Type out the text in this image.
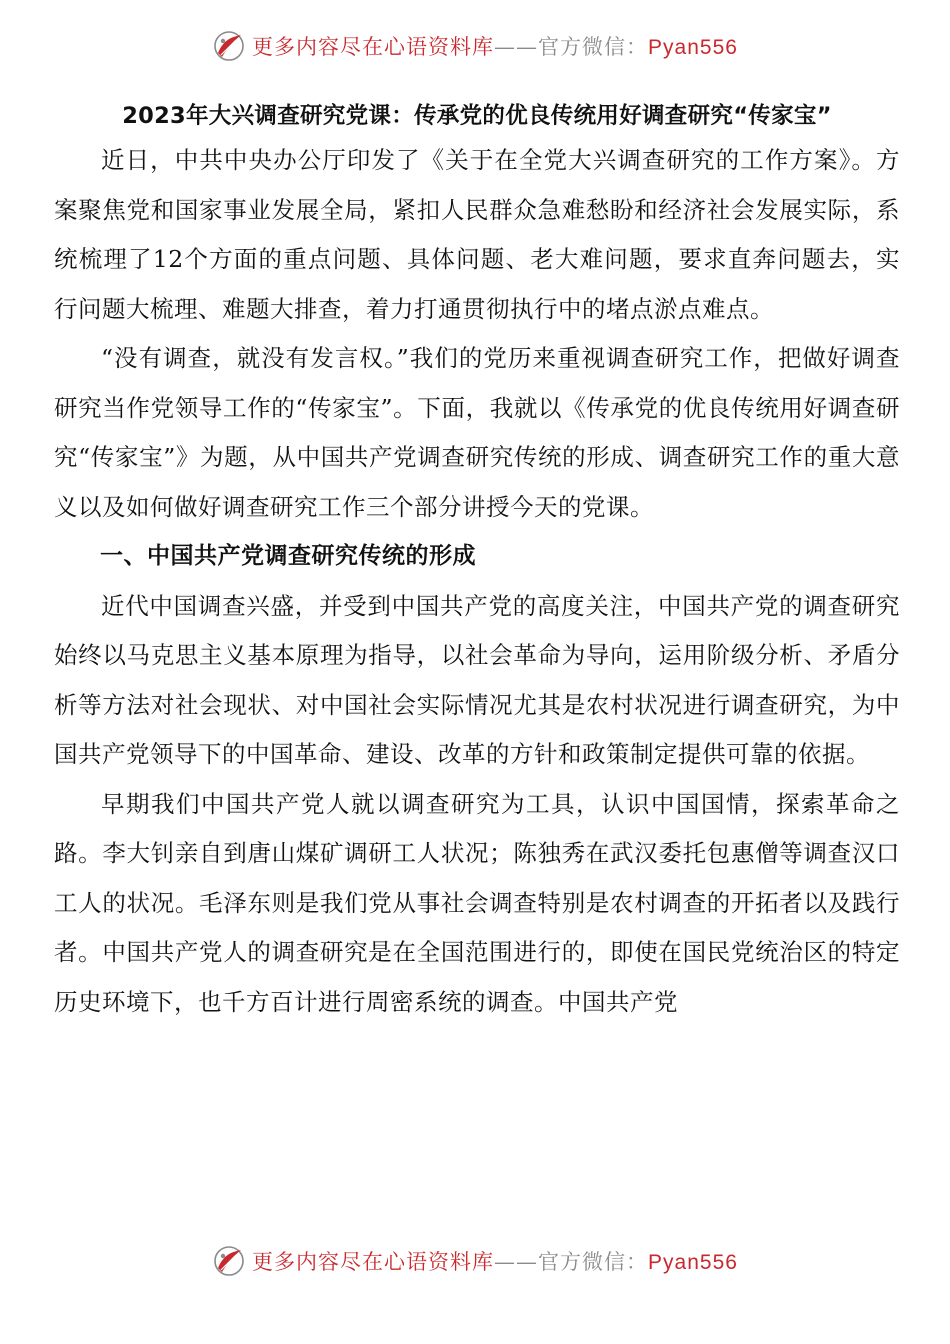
更多内容尽在心语资料库——官方微信：Pyan556
2023年大兴调查研究党课：传承党的优良传统用好调查研究“传家宝”

近日，中共中央办公厅印发了《关于在全党大兴调查研究的工作方案》。方案聚焦党和国家事业发展全局，紧扣人民群众急难愁盼和经济社会发展实际，系统梳理了12个方面的重点问题、具体问题、老大难问题，要求直奔问题去，实行问题大梳理、难题大排查，着力打通贯彻执行中的堵点淤点难点。

“没有调查，就没有发言权。”我们的党历来重视调查研究工作，把做好调查研究当作党领导工作的“传家宝”。下面，我就以《传承党的优良传统用好调查研究“传家宝”》为题，从中国共产党调查研究传统的形成、调查研究工作的重大意义以及如何做好调查研究工作三个部分讲授今天的党课。

一、中国共产党调查研究传统的形成

近代中国调查兴盛，并受到中国共产党的高度关注，中国共产党的调查研究始终以马克思主义基本原理为指导，以社会革命为导向，运用阶级分析、矛盾分析等方法对社会现状、对中国社会实际情况尤其是农村状况进行调查研究，为中国共产党领导下的中国革命、建设、改革的方针和政策制定提供可靠的依据。

早期我们中国共产党人就以调查研究为工具，认识中国国情，探索革命之路。李大钊亲自到唐山煤矿调研工人状况；陈独秀在武汉委托包惠僧等调查汉口工人的状况。毛泽东则是我们党从事社会调查特别是农村调查的开拓者以及践行者。中国共产党人的调查研究是在全国范围进行的，即使在国民党统治区的特定历史环境下，也千方百计进行周密系统的调查。中国共产党

更多内容尽在心语资料库——官方微信：Pyan556
